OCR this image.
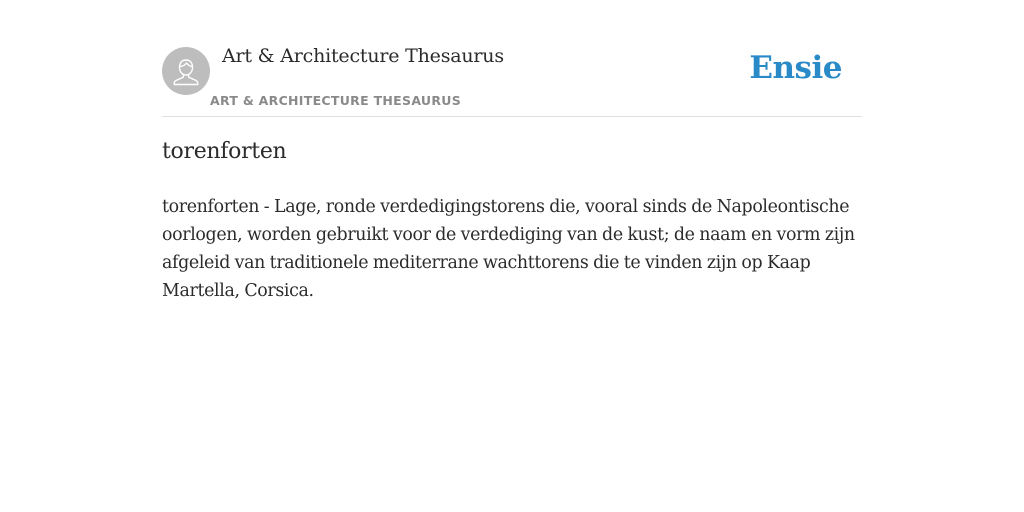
Art & Architecture Thesaurus
ART & ARCHITECTURE THESAURUS
Ensie
torenforten

torenforten - Lage, ronde verdedigingstorens die, vooral sinds de Napoleontische oorlogen, worden gebruikt voor de verdediging van de kust; de naam en vorm zijn afgeleid van traditionele mediterrane wachttorens die te vinden zijn op Kaap Martella, Corsica.
